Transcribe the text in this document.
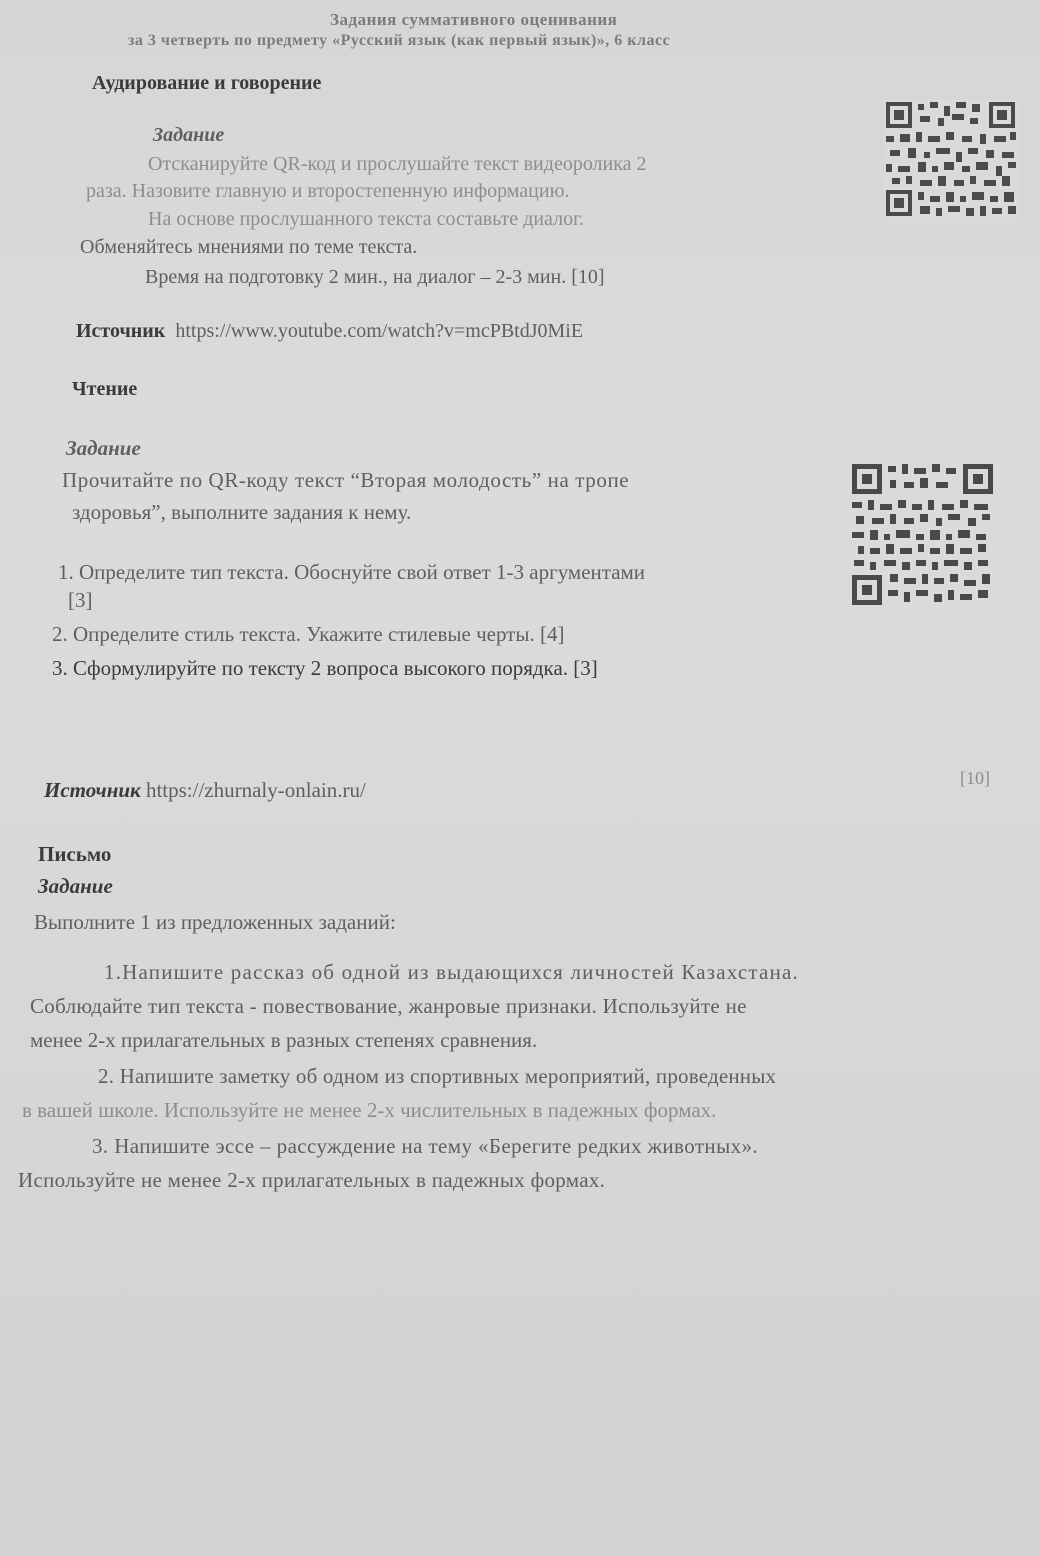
Задания суммативного оценивания
за 3 четверть по предмету «Русский язык (как первый язык)», 6 класс
Аудирование и говорение
Задание
Отсканируйте QR-код и прослушайте текст видеоролика 2
раза. Назовите главную и второстепенную информацию.
На основе прослушанного текста составьте диалог.
Обменяйтесь мнениями по теме текста.
Время на подготовку 2 мин., на диалог – 2-3 мин. [10]
Источник https://www.youtube.com/watch?v=mcPBtdJ0MiE
Чтение
Задание
Прочитайте по QR-коду текст “Вторая молодость” на тропе
здоровья”, выполните задания к нему.
1. Определите тип текста. Обоснуйте свой ответ 1-3 аргументами
[3]
2. Определите стиль текста. Укажите стилевые черты. [4]
3. Сформулируйте по тексту 2 вопроса высокого порядка. [3]
[10]
Источник https://zhurnaly-onlain.ru/
Письмо
Задание
Выполните 1 из предложенных заданий:
1.Напишите рассказ об одной из выдающихся личностей Казахстана.
Соблюдайте тип текста - повествование, жанровые признаки. Используйте не
менее 2-х прилагательных в разных степенях сравнения.
2. Напишите заметку об одном из спортивных мероприятий, проведенных
в вашей школе. Используйте не менее 2-х числительных в падежных формах.
3. Напишите эссе – рассуждение на тему «Берегите редких животных».
Используйте не менее 2-х прилагательных в падежных формах.
